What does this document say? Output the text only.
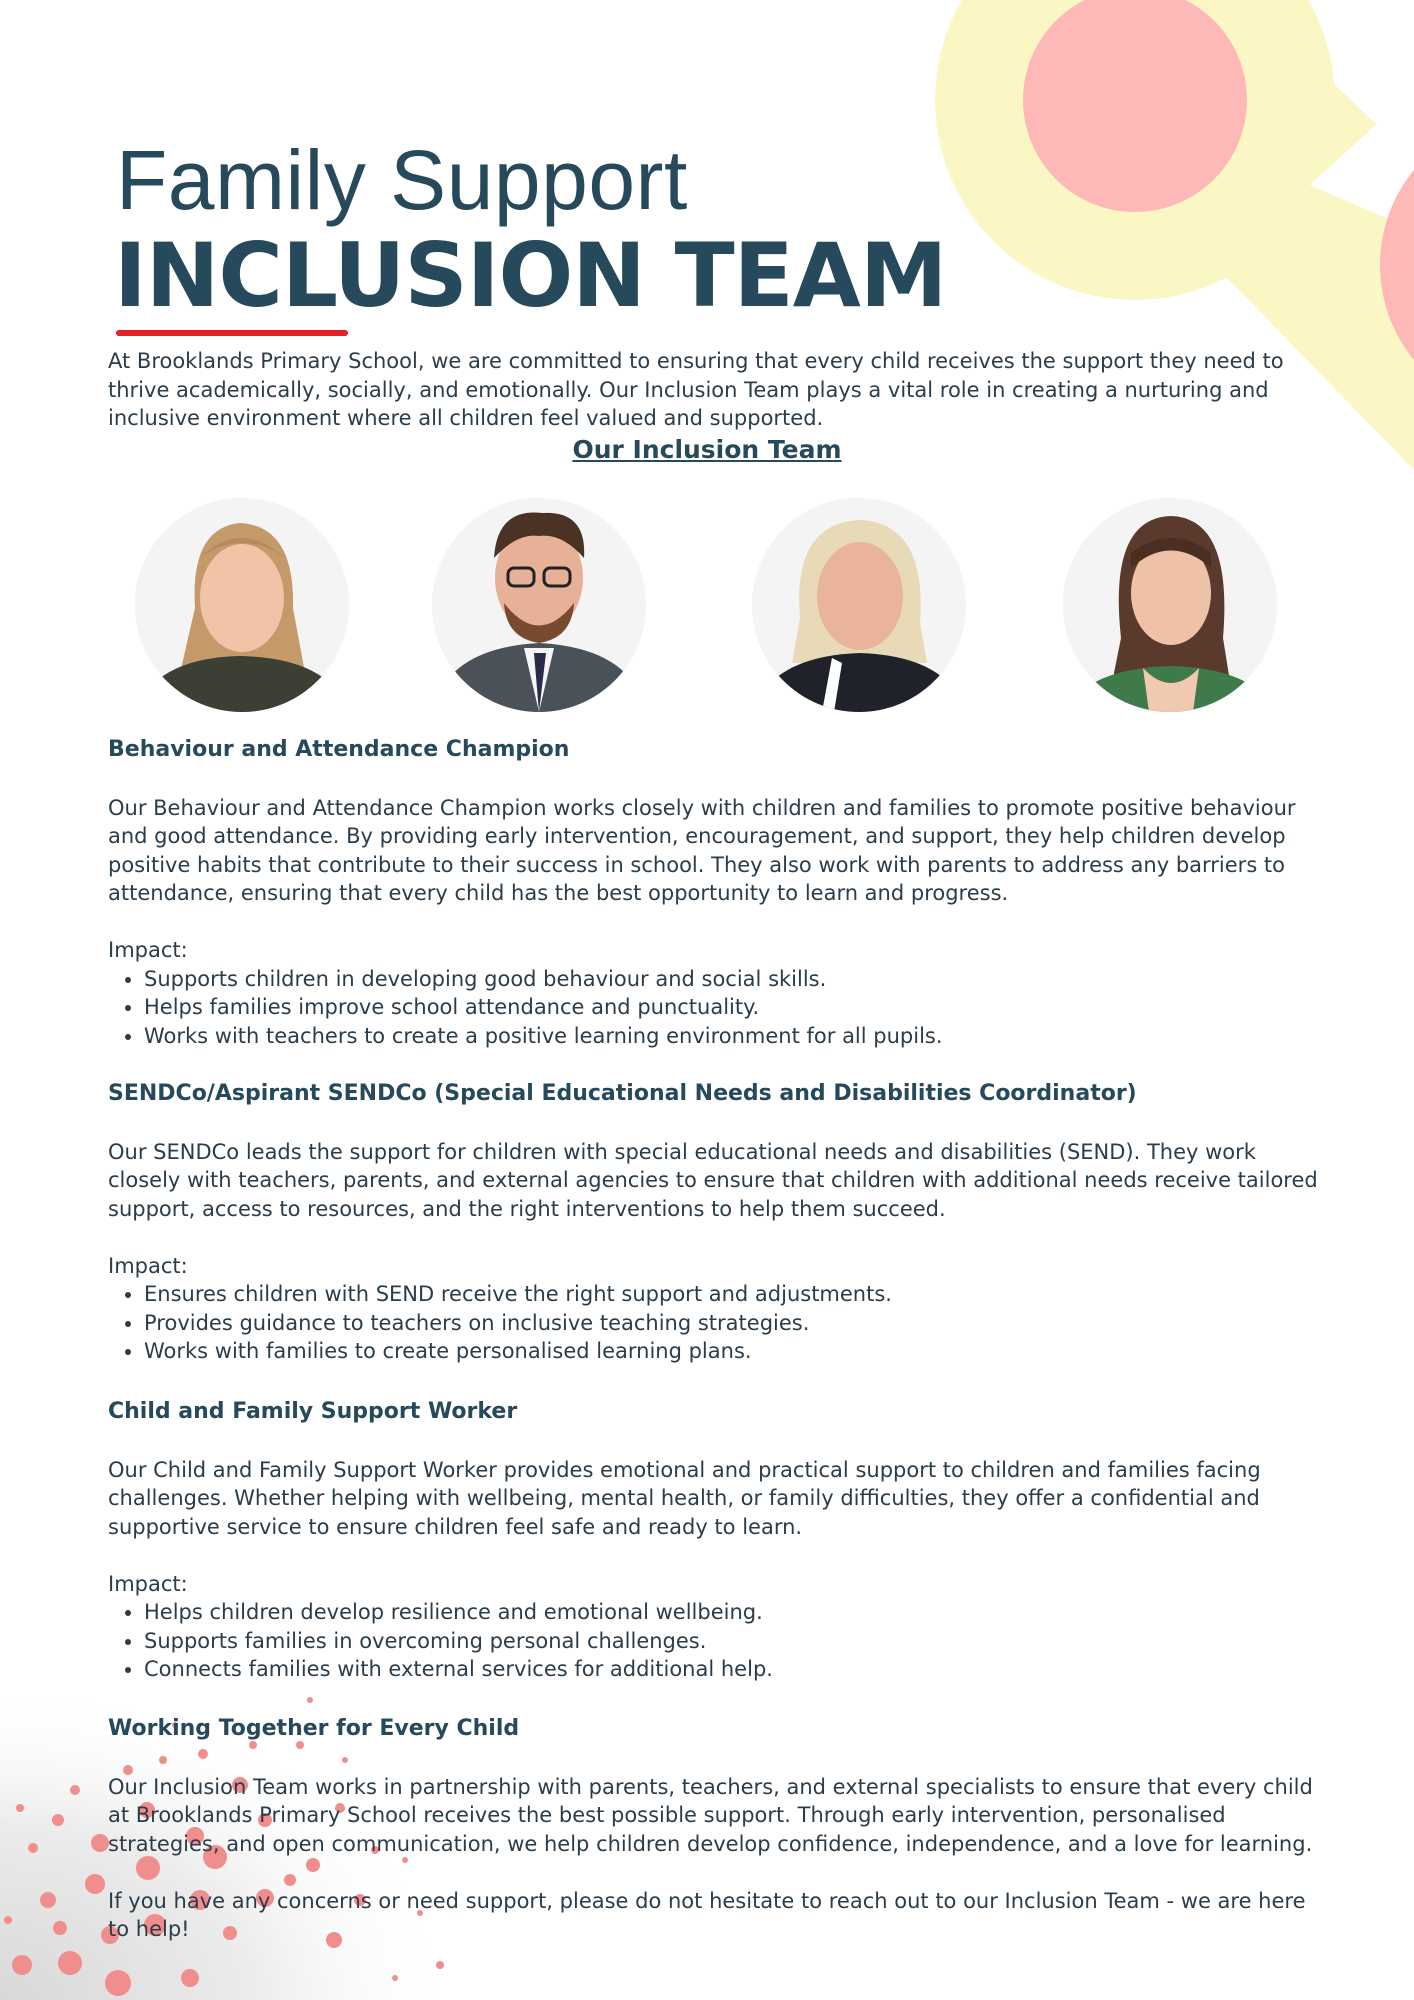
Family Support
INCLUSION TEAM

At Brooklands Primary School, we are committed to ensuring that every child receives the support they need to thrive academically, socially, and emotionally. Our Inclusion Team plays a vital role in creating a nurturing and inclusive environment where all children feel valued and supported.

Our Inclusion Team
Behaviour and Attendance Champion

Our Behaviour and Attendance Champion works closely with children and families to promote positive behaviour and good attendance. By providing early intervention, encouragement, and support, they help children develop positive habits that contribute to their success in school. They also work with parents to address any barriers to attendance, ensuring that every child has the best opportunity to learn and progress.

Impact:
• Supports children in developing good behaviour and social skills.
• Helps families improve school attendance and punctuality.
• Works with teachers to create a positive learning environment for all pupils.
SENDCo/Aspirant SENDCo (Special Educational Needs and Disabilities Coordinator)

Our SENDCo leads the support for children with special educational needs and disabilities (SEND). They work closely with teachers, parents, and external agencies to ensure that children with additional needs receive tailored support, access to resources, and the right interventions to help them succeed.

Impact:
• Ensures children with SEND receive the right support and adjustments.
• Provides guidance to teachers on inclusive teaching strategies.
• Works with families to create personalised learning plans.
Child and Family Support Worker

Our Child and Family Support Worker provides emotional and practical support to children and families facing challenges. Whether helping with wellbeing, mental health, or family difficulties, they offer a confidential and supportive service to ensure children feel safe and ready to learn.

Impact:
• Helps children develop resilience and emotional wellbeing.
• Supports families in overcoming personal challenges.
• Connects families with external services for additional help.
Working Together for Every Child

Our Inclusion Team works in partnership with parents, teachers, and external specialists to ensure that every child at Brooklands Primary School receives the best possible support. Through early intervention, personalised strategies, and open communication, we help children develop confidence, independence, and a love for learning.

If you have any concerns or need support, please do not hesitate to reach out to our Inclusion Team - we are here to help!
